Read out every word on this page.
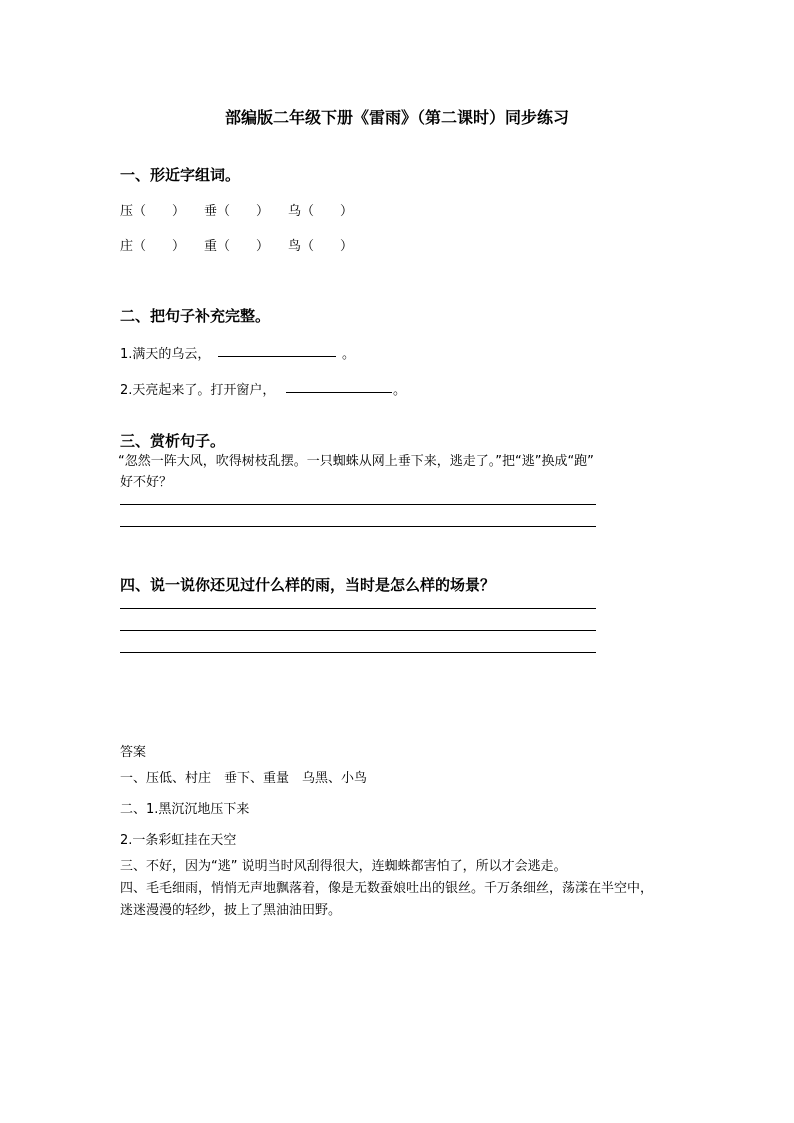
部编版二年级下册《雷雨》（第二课时）同步练习
一、形近字组词。
压（　　） 垂（　　） 乌（　　）
庄（　　） 重（　　） 鸟（　　）
二、把句子补充完整。
1.满天的乌云，	。
2.天亮起来了。打开窗户，	。
三、赏析句子。
“忽然一阵大风，吹得树枝乱摆。一只蜘蛛从网上垂下来，逃走了。”把“逃”换成“跑”
好不好？
四、说一说你还见过什么样的雨，当时是怎么样的场景？
答案
一、压低、村庄　垂下、重量　乌黑、小鸟
二、1.黑沉沉地压下来
2.一条彩虹挂在天空
三、不好，因为“逃” 说明当时风刮得很大，连蜘蛛都害怕了，所以才会逃走。
四、毛毛细雨，悄悄无声地飘落着，像是无数蚕娘吐出的银丝。千万条细丝，荡漾在半空中，
迷迷漫漫的轻纱，披上了黑油油田野。
